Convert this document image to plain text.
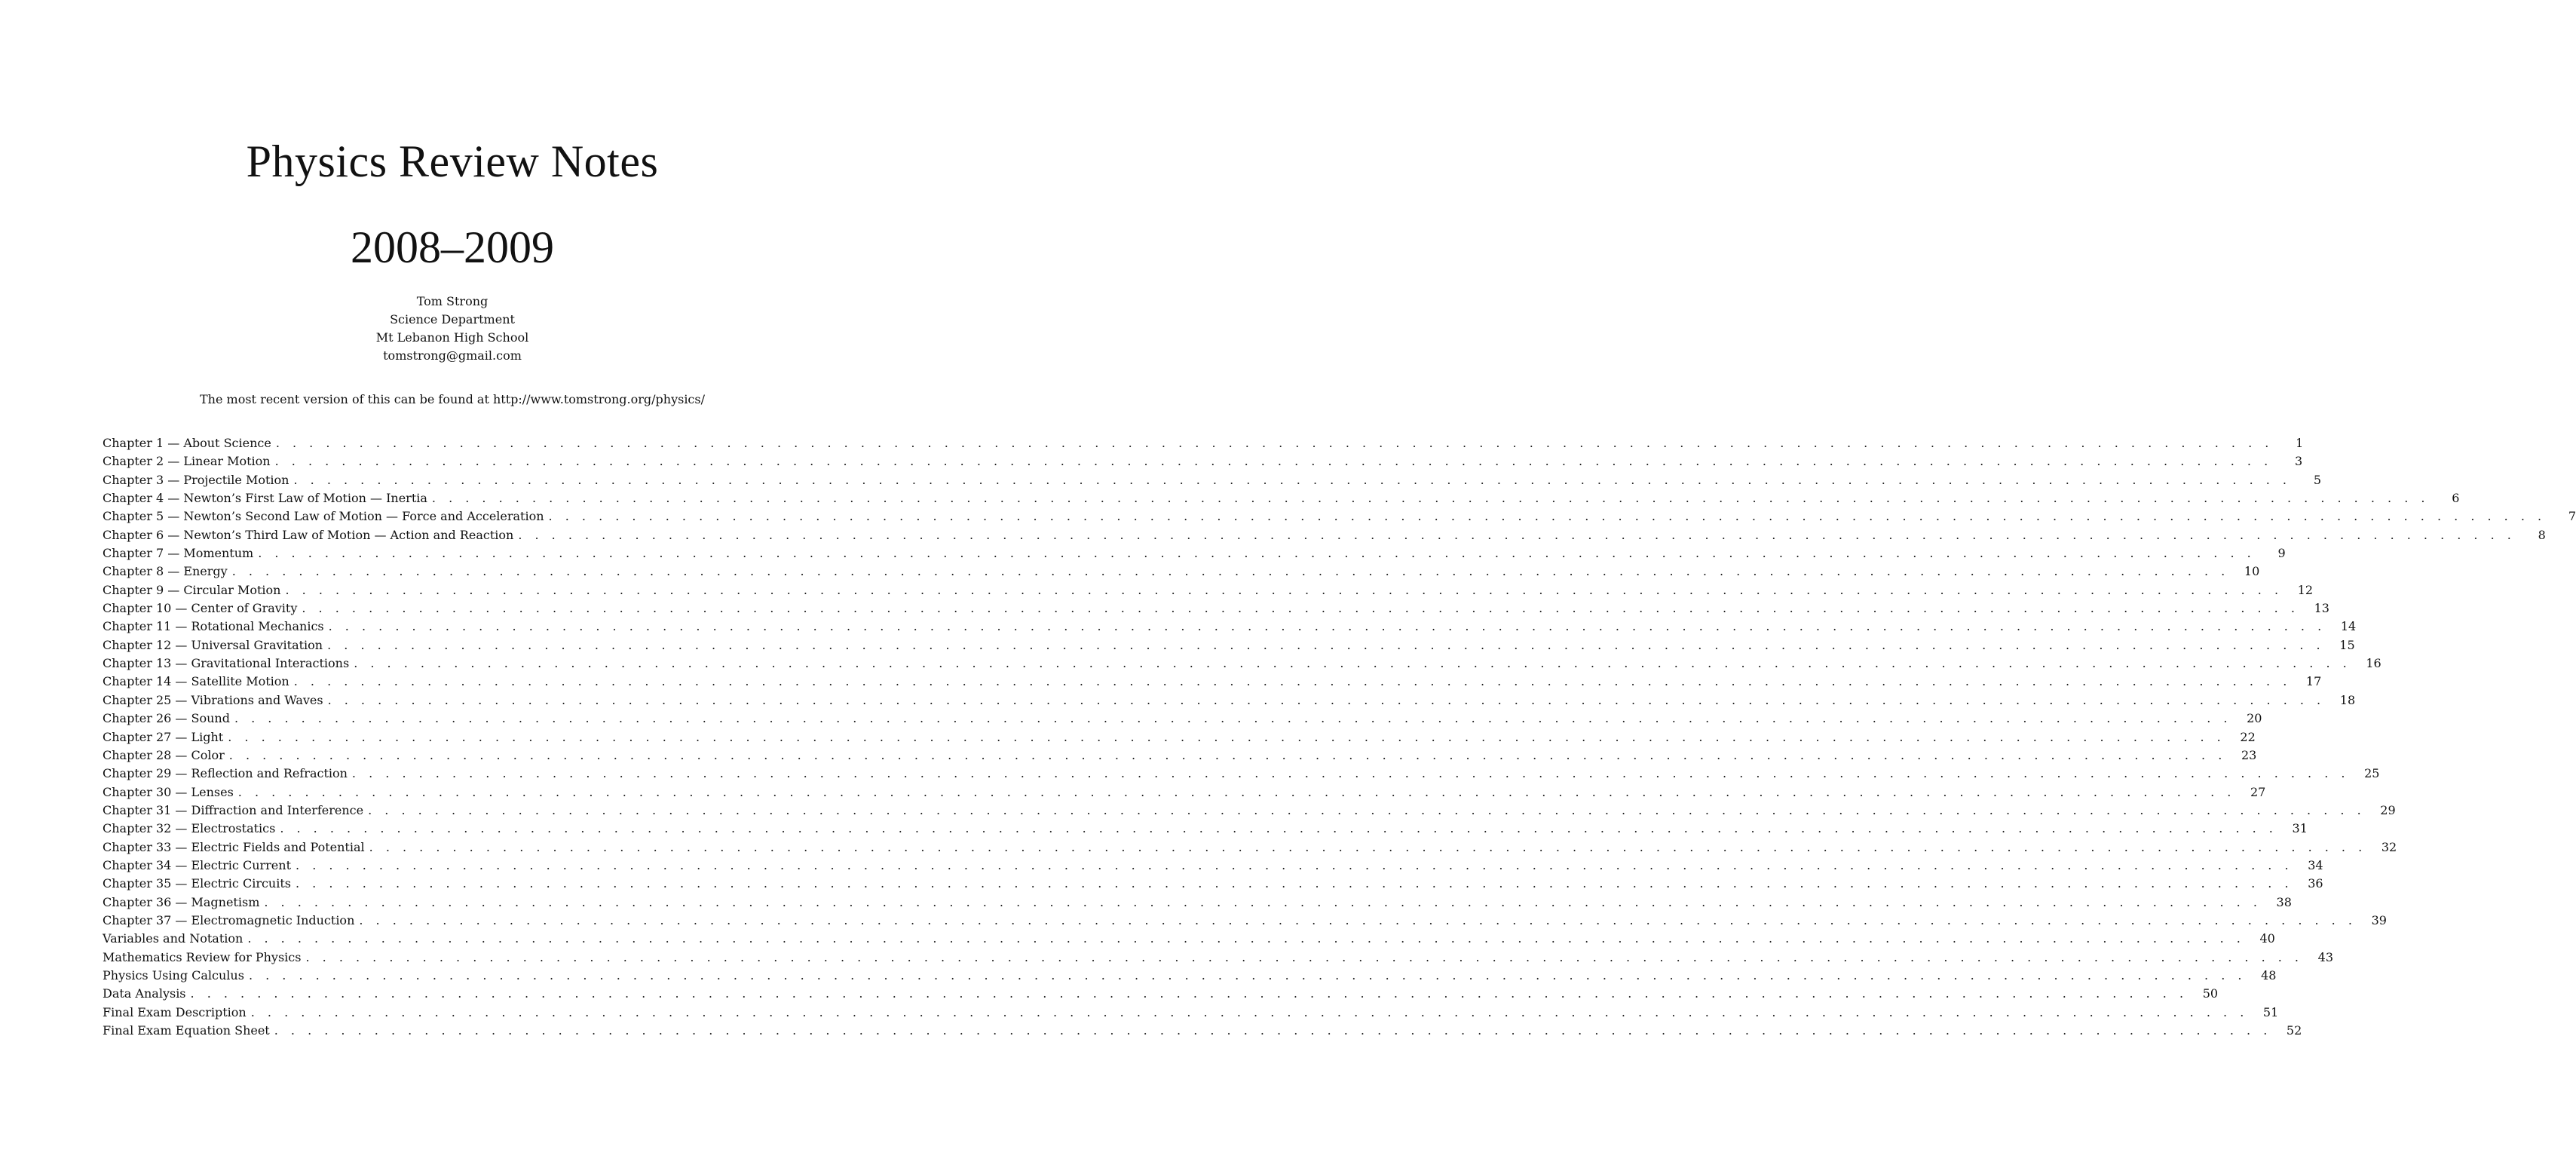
Physics Review Notes
2008–2009
Tom Strong
Science Department
Mt Lebanon High School
tomstrong@gmail.com
The most recent version of this can be found at http://www.tomstrong.org/physics/
Chapter 1 — About Science . . . . . . . . . . . . . . . . . . . . . . . . . . . . . . . . . . . . . . . . . . . . . . . . . . . . . . . . . . . . . . . . . . . . . . . . . . . . . . . . . . . . . . . . . . . . . . . . . . . . . . . . . . . . . . . . . . . . . . . .	1
Chapter 2 — Linear Motion . . . . . . . . . . . . . . . . . . . . . . . . . . . . . . . . . . . . . . . . . . . . . . . . . . . . . . . . . . . . . . . . . . . . . . . . . . . . . . . . . . . . . . . . . . . . . . . . . . . . . . . . . . . . . . . . . . . . . . . .	3
Chapter 3 — Projectile Motion . . . . . . . . . . . . . . . . . . . . . . . . . . . . . . . . . . . . . . . . . . . . . . . . . . . . . . . . . . . . . . . . . . . . . . . . . . . . . . . . . . . . . . . . . . . . . . . . . . . . . . . . . . . . . . . . . . . . . . . .	5
Chapter 4 — Newton’s First Law of Motion — Inertia . . . . . . . . . . . . . . . . . . . . . . . . . . . . . . . . . . . . . . . . . . . . . . . . . . . . . . . . . . . . . . . . . . . . . . . . . . . . . . . . . . . . . . . . . . . . . . . . . . . . . . . . . . . . . . . . . . . . . . . .	6
Chapter 5 — Newton’s Second Law of Motion — Force and Acceleration . . . . . . . . . . . . . . . . . . . . . . . . . . . . . . . . . . . . . . . . . . . . . . . . . . . . . . . . . . . . . . . . . . . . . . . . . . . . . . . . . . . . . . . . . . . . . . . . . . . . . . . . . . . . . . . . . . . . . . . .	7
Chapter 6 — Newton’s Third Law of Motion — Action and Reaction . . . . . . . . . . . . . . . . . . . . . . . . . . . . . . . . . . . . . . . . . . . . . . . . . . . . . . . . . . . . . . . . . . . . . . . . . . . . . . . . . . . . . . . . . . . . . . . . . . . . . . . . . . . . . . . . . . . . . . . .	8
Chapter 7 — Momentum . . . . . . . . . . . . . . . . . . . . . . . . . . . . . . . . . . . . . . . . . . . . . . . . . . . . . . . . . . . . . . . . . . . . . . . . . . . . . . . . . . . . . . . . . . . . . . . . . . . . . . . . . . . . . . . . . . . . . . . .	9
Chapter 8 — Energy . . . . . . . . . . . . . . . . . . . . . . . . . . . . . . . . . . . . . . . . . . . . . . . . . . . . . . . . . . . . . . . . . . . . . . . . . . . . . . . . . . . . . . . . . . . . . . . . . . . . . . . . . . . . . . . . . . . . . . . .	10
Chapter 9 — Circular Motion . . . . . . . . . . . . . . . . . . . . . . . . . . . . . . . . . . . . . . . . . . . . . . . . . . . . . . . . . . . . . . . . . . . . . . . . . . . . . . . . . . . . . . . . . . . . . . . . . . . . . . . . . . . . . . . . . . . . . . . .	12
Chapter 10 — Center of Gravity . . . . . . . . . . . . . . . . . . . . . . . . . . . . . . . . . . . . . . . . . . . . . . . . . . . . . . . . . . . . . . . . . . . . . . . . . . . . . . . . . . . . . . . . . . . . . . . . . . . . . . . . . . . . . . . . . . . . . . . .	13
Chapter 11 — Rotational Mechanics . . . . . . . . . . . . . . . . . . . . . . . . . . . . . . . . . . . . . . . . . . . . . . . . . . . . . . . . . . . . . . . . . . . . . . . . . . . . . . . . . . . . . . . . . . . . . . . . . . . . . . . . . . . . . . . . . . . . . . . .	14
Chapter 12 — Universal Gravitation . . . . . . . . . . . . . . . . . . . . . . . . . . . . . . . . . . . . . . . . . . . . . . . . . . . . . . . . . . . . . . . . . . . . . . . . . . . . . . . . . . . . . . . . . . . . . . . . . . . . . . . . . . . . . . . . . . . . . . . .	15
Chapter 13 — Gravitational Interactions . . . . . . . . . . . . . . . . . . . . . . . . . . . . . . . . . . . . . . . . . . . . . . . . . . . . . . . . . . . . . . . . . . . . . . . . . . . . . . . . . . . . . . . . . . . . . . . . . . . . . . . . . . . . . . . . . . . . . . . .	16
Chapter 14 — Satellite Motion . . . . . . . . . . . . . . . . . . . . . . . . . . . . . . . . . . . . . . . . . . . . . . . . . . . . . . . . . . . . . . . . . . . . . . . . . . . . . . . . . . . . . . . . . . . . . . . . . . . . . . . . . . . . . . . . . . . . . . . .	17
Chapter 25 — Vibrations and Waves . . . . . . . . . . . . . . . . . . . . . . . . . . . . . . . . . . . . . . . . . . . . . . . . . . . . . . . . . . . . . . . . . . . . . . . . . . . . . . . . . . . . . . . . . . . . . . . . . . . . . . . . . . . . . . . . . . . . . . . .	18
Chapter 26 — Sound . . . . . . . . . . . . . . . . . . . . . . . . . . . . . . . . . . . . . . . . . . . . . . . . . . . . . . . . . . . . . . . . . . . . . . . . . . . . . . . . . . . . . . . . . . . . . . . . . . . . . . . . . . . . . . . . . . . . . . . .	20
Chapter 27 — Light . . . . . . . . . . . . . . . . . . . . . . . . . . . . . . . . . . . . . . . . . . . . . . . . . . . . . . . . . . . . . . . . . . . . . . . . . . . . . . . . . . . . . . . . . . . . . . . . . . . . . . . . . . . . . . . . . . . . . . . .	22
Chapter 28 — Color . . . . . . . . . . . . . . . . . . . . . . . . . . . . . . . . . . . . . . . . . . . . . . . . . . . . . . . . . . . . . . . . . . . . . . . . . . . . . . . . . . . . . . . . . . . . . . . . . . . . . . . . . . . . . . . . . . . . . . . .	23
Chapter 29 — Reflection and Refraction . . . . . . . . . . . . . . . . . . . . . . . . . . . . . . . . . . . . . . . . . . . . . . . . . . . . . . . . . . . . . . . . . . . . . . . . . . . . . . . . . . . . . . . . . . . . . . . . . . . . . . . . . . . . . . . . . . . . . . . .	25
Chapter 30 — Lenses . . . . . . . . . . . . . . . . . . . . . . . . . . . . . . . . . . . . . . . . . . . . . . . . . . . . . . . . . . . . . . . . . . . . . . . . . . . . . . . . . . . . . . . . . . . . . . . . . . . . . . . . . . . . . . . . . . . . . . . .	27
Chapter 31 — Diffraction and Interference . . . . . . . . . . . . . . . . . . . . . . . . . . . . . . . . . . . . . . . . . . . . . . . . . . . . . . . . . . . . . . . . . . . . . . . . . . . . . . . . . . . . . . . . . . . . . . . . . . . . . . . . . . . . . . . . . . . . . . . .	29
Chapter 32 — Electrostatics . . . . . . . . . . . . . . . . . . . . . . . . . . . . . . . . . . . . . . . . . . . . . . . . . . . . . . . . . . . . . . . . . . . . . . . . . . . . . . . . . . . . . . . . . . . . . . . . . . . . . . . . . . . . . . . . . . . . . . . .	31
Chapter 33 — Electric Fields and Potential . . . . . . . . . . . . . . . . . . . . . . . . . . . . . . . . . . . . . . . . . . . . . . . . . . . . . . . . . . . . . . . . . . . . . . . . . . . . . . . . . . . . . . . . . . . . . . . . . . . . . . . . . . . . . . . . . . . . . . . .	32
Chapter 34 — Electric Current . . . . . . . . . . . . . . . . . . . . . . . . . . . . . . . . . . . . . . . . . . . . . . . . . . . . . . . . . . . . . . . . . . . . . . . . . . . . . . . . . . . . . . . . . . . . . . . . . . . . . . . . . . . . . . . . . . . . . . . .	34
Chapter 35 — Electric Circuits . . . . . . . . . . . . . . . . . . . . . . . . . . . . . . . . . . . . . . . . . . . . . . . . . . . . . . . . . . . . . . . . . . . . . . . . . . . . . . . . . . . . . . . . . . . . . . . . . . . . . . . . . . . . . . . . . . . . . . . .	36
Chapter 36 — Magnetism . . . . . . . . . . . . . . . . . . . . . . . . . . . . . . . . . . . . . . . . . . . . . . . . . . . . . . . . . . . . . . . . . . . . . . . . . . . . . . . . . . . . . . . . . . . . . . . . . . . . . . . . . . . . . . . . . . . . . . . .	38
Chapter 37 — Electromagnetic Induction . . . . . . . . . . . . . . . . . . . . . . . . . . . . . . . . . . . . . . . . . . . . . . . . . . . . . . . . . . . . . . . . . . . . . . . . . . . . . . . . . . . . . . . . . . . . . . . . . . . . . . . . . . . . . . . . . . . . . . . .	39
Variables and Notation . . . . . . . . . . . . . . . . . . . . . . . . . . . . . . . . . . . . . . . . . . . . . . . . . . . . . . . . . . . . . . . . . . . . . . . . . . . . . . . . . . . . . . . . . . . . . . . . . . . . . . . . . . . . . . . . . . . . . . . .	40
Mathematics Review for Physics . . . . . . . . . . . . . . . . . . . . . . . . . . . . . . . . . . . . . . . . . . . . . . . . . . . . . . . . . . . . . . . . . . . . . . . . . . . . . . . . . . . . . . . . . . . . . . . . . . . . . . . . . . . . . . . . . . . . . . . .	43
Physics Using Calculus . . . . . . . . . . . . . . . . . . . . . . . . . . . . . . . . . . . . . . . . . . . . . . . . . . . . . . . . . . . . . . . . . . . . . . . . . . . . . . . . . . . . . . . . . . . . . . . . . . . . . . . . . . . . . . . . . . . . . . . .	48
Data Analysis . . . . . . . . . . . . . . . . . . . . . . . . . . . . . . . . . . . . . . . . . . . . . . . . . . . . . . . . . . . . . . . . . . . . . . . . . . . . . . . . . . . . . . . . . . . . . . . . . . . . . . . . . . . . . . . . . . . . . . . .	50
Final Exam Description . . . . . . . . . . . . . . . . . . . . . . . . . . . . . . . . . . . . . . . . . . . . . . . . . . . . . . . . . . . . . . . . . . . . . . . . . . . . . . . . . . . . . . . . . . . . . . . . . . . . . . . . . . . . . . . . . . . . . . . .	51
Final Exam Equation Sheet . . . . . . . . . . . . . . . . . . . . . . . . . . . . . . . . . . . . . . . . . . . . . . . . . . . . . . . . . . . . . . . . . . . . . . . . . . . . . . . . . . . . . . . . . . . . . . . . . . . . . . . . . . . . . . . . . . . . . . . .	52
